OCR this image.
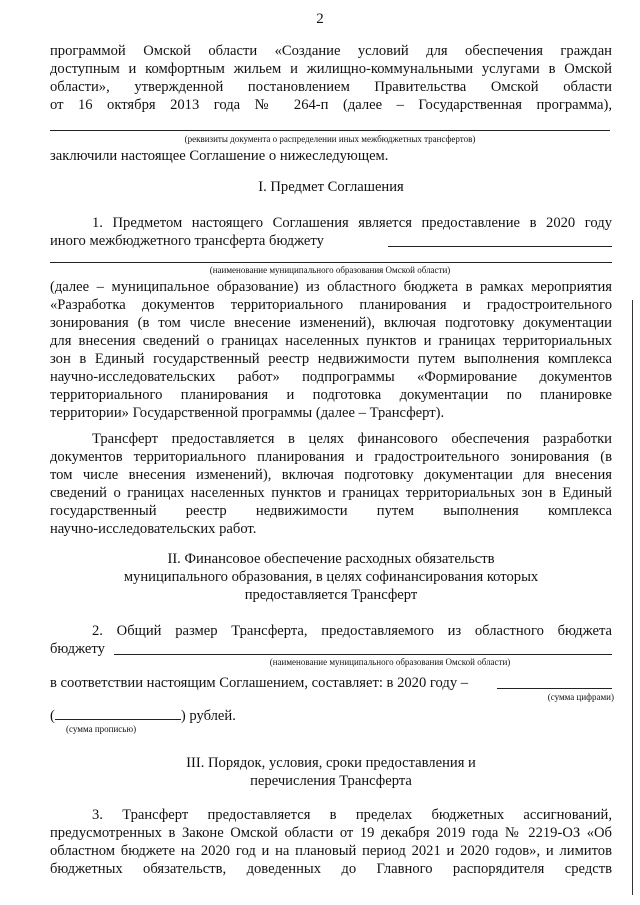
2
программой Омской области «Создание условий для обеспечения граждан
доступным и комфортным жильем и жилищно-коммунальными услугами в Омской
области», утвержденной постановлением Правительства Омской области
от 16 октября 2013 года № 264-п (далее – Государственная программа),
(реквизиты документа о распределении иных межбюджетных трансфертов)
заключили настоящее Соглашение о нижеследующем.
I. Предмет Соглашения
1. Предметом настоящего Соглашения является предоставление в 2020 году
иного межбюджетного трансферта бюджету
(наименование муниципального образования Омской области)
(далее – муниципальное образование) из областного бюджета в рамках мероприятия
«Разработка документов территориального планирования и градостроительного
зонирования (в том числе внесение изменений), включая подготовку документации
для внесения сведений о границах населенных пунктов и границах территориальных
зон в Единый государственный реестр недвижимости путем выполнения комплекса
научно-исследовательских работ» подпрограммы «Формирование документов
территориального планирования и подготовка документации по планировке
территории» Государственной программы (далее – Трансферт).
Трансферт предоставляется в целях финансового обеспечения разработки
документов территориального планирования и градостроительного зонирования (в
том числе внесения изменений), включая подготовку документации для внесения
сведений о границах населенных пунктов и границах территориальных зон в Единый
государственный реестр недвижимости путем выполнения комплекса
научно-исследовательских работ.
II. Финансовое обеспечение расходных обязательств
муниципального образования, в целях софинансирования которых
предоставляется Трансферт
2. Общий размер Трансферта, предоставляемого из областного бюджета
бюджету
(наименование муниципального образования Омской области)
в соответствии настоящим Соглашением, составляет: в 2020 году –
(сумма цифрами)
(	) рублей.
(сумма прописью)
III. Порядок, условия, сроки предоставления и
перечисления Трансферта
3. Трансферт предоставляется в пределах бюджетных ассигнований,
предусмотренных в Законе Омской области от 19 декабря 2019 года № 2219-ОЗ «Об
областном бюджете на 2020 год и на плановый период 2021 и 2020 годов», и лимитов
бюджетных обязательств, доведенных до Главного распорядителя средств
